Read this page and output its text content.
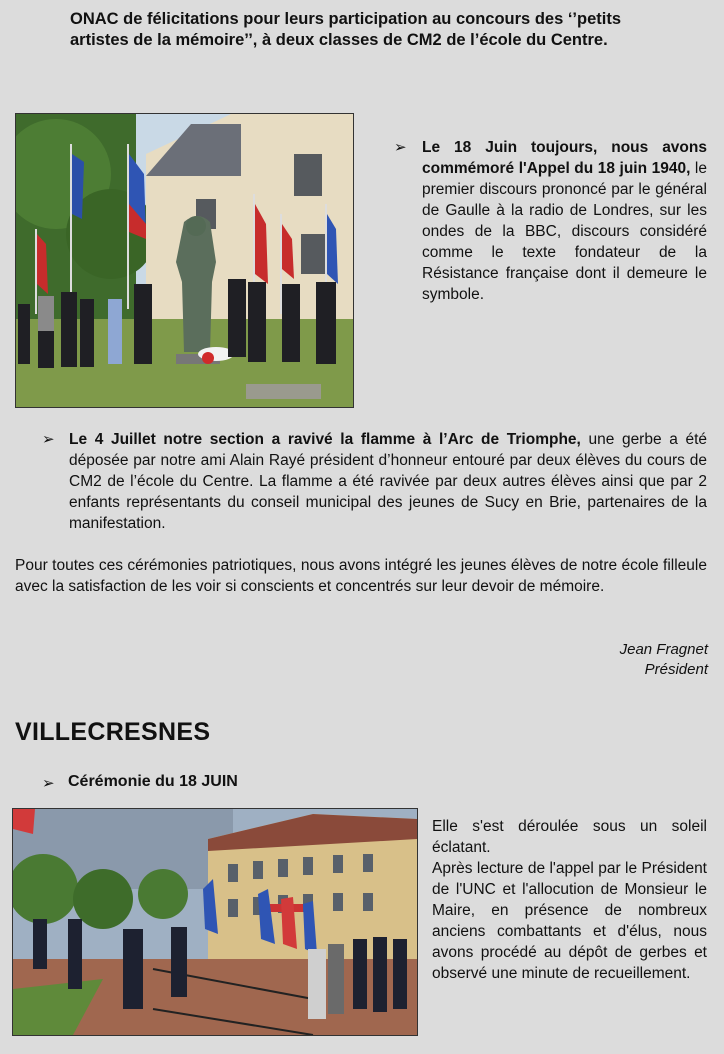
ONAC de félicitations pour leurs participation au concours des ‘’petits artistes de la mémoire’’, à deux classes de CM2 de l’école du Centre.
➢ Le 18 Juin toujours, nous avons commémoré l'Appel du 18 juin 1940, le premier discours prononcé par le général de Gaulle à la radio de Londres, sur les ondes de la BBC, discours considéré comme le texte fondateur de la Résistance française dont il demeure le symbole.
➢ Le 4 Juillet notre section a ravivé la flamme à l’Arc de Triomphe, une gerbe a été déposée par notre ami Alain Rayé président d’honneur entouré par deux élèves du cours de CM2 de l’école du Centre. La flamme a été ravivée par deux autres élèves ainsi que par 2 enfants représentants du conseil municipal des jeunes de Sucy en Brie, partenaires de la manifestation.
Pour toutes ces cérémonies patriotiques, nous avons intégré les jeunes élèves de notre école filleule avec la satisfaction de les voir si conscients et concentrés sur leur devoir de mémoire.
Jean Fragnet
Président
VILLECRESNES
➢ Cérémonie du 18 JUIN
Elle s'est déroulée sous un soleil éclatant.
Après lecture de l'appel par le Président de l'UNC et l'allocution de Monsieur le Maire, en présence de nombreux anciens combattants et d'élus, nous avons procédé au dépôt de gerbes et observé une minute de recueillement.
